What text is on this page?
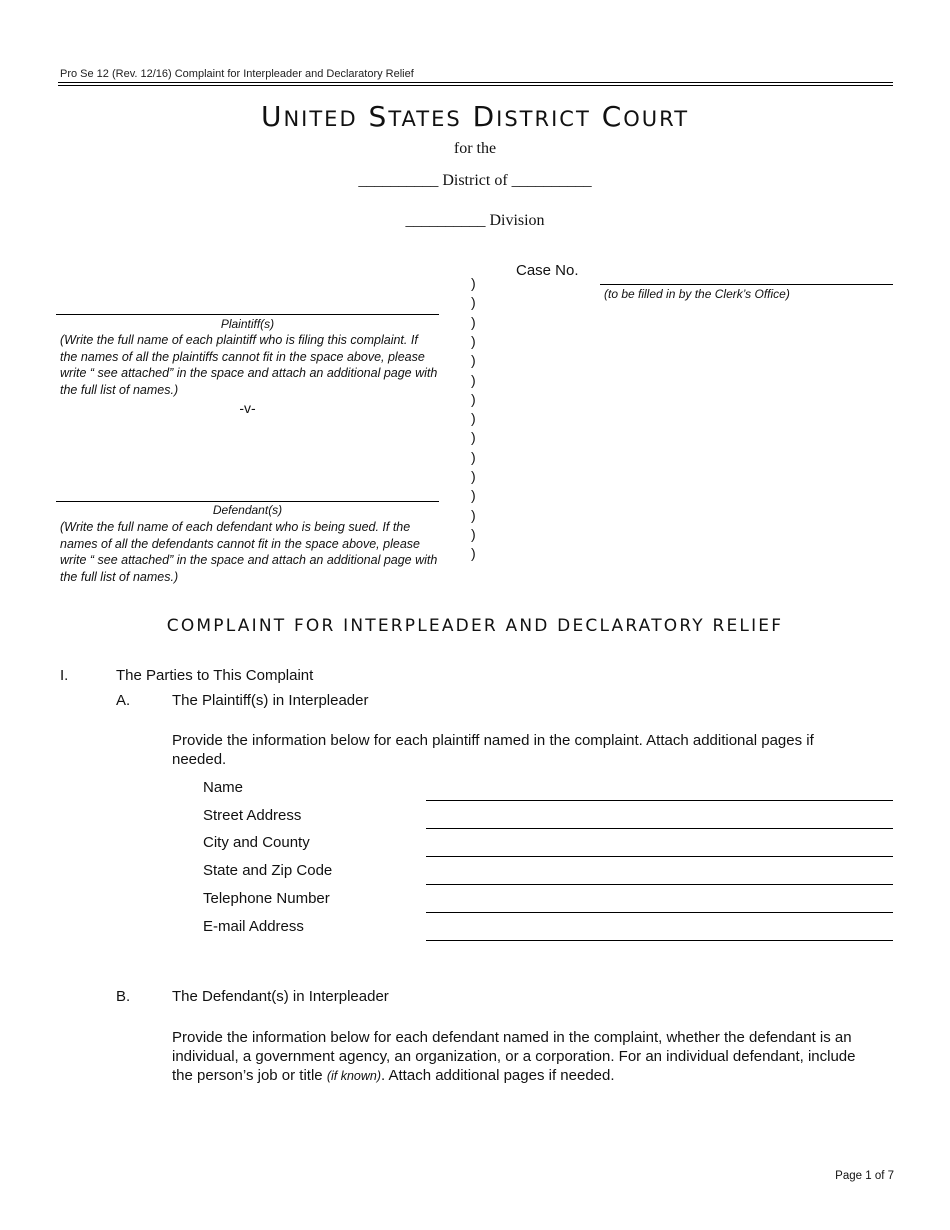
Pro Se 12 (Rev. 12/16) Complaint for Interpleader and Declaratory Relief
UNITED STATES DISTRICT COURT
for the
__________ District of __________
__________ Division
Case No.
(to be filled in by the Clerk’s Office)
Plaintiff(s)
(Write the full name of each plaintiff who is filing this complaint. If the names of all the plaintiffs cannot fit in the space above, please write “ see attached” in the space and attach an additional page with the full list of names.)
-v-
Defendant(s)
(Write the full name of each defendant who is being sued. If the names of all the defendants cannot fit in the space above, please write “ see attached” in the space and attach an additional page with the full list of names.)
)
)
)
)
)
)
)
)
)
)
)
)
)
)
)
COMPLAINT FOR INTERPLEADER AND DECLARATORY RELIEF
I.	The Parties to This Complaint
A.	The Plaintiff(s) in Interpleader
Provide the information below for each plaintiff named in the complaint. Attach additional pages if needed.
Name
Street Address
City and County
State and Zip Code
Telephone Number
E-mail Address
B.	The Defendant(s) in Interpleader
Provide the information below for each defendant named in the complaint, whether the defendant is an individual, a government agency, an organization, or a corporation. For an individual defendant, include the person’s job or title (if known). Attach additional pages if needed.
Page 1 of 7
